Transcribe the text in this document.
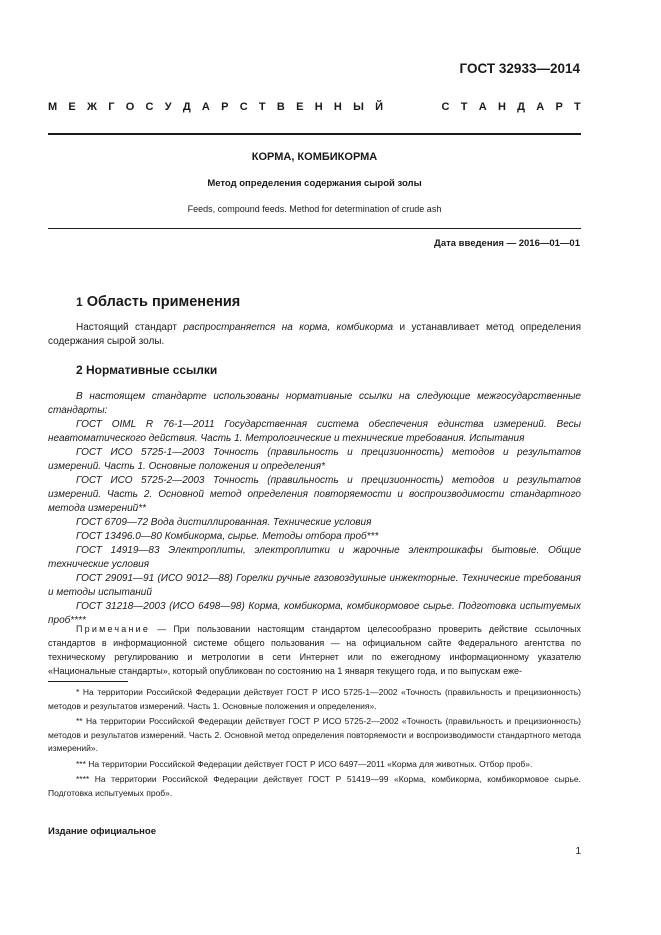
ГОСТ 32933—2014
М Е Ж Г О С У Д А Р С Т В Е Н Н Ы Й	С Т А Н Д А Р Т
КОРМА, КОМБИКОРМА
Метод определения содержания сырой золы
Feeds, compound feeds. Method for determination of crude ash
Дата введения — 2016—01—01
1 Область применения
Настоящий стандарт распространяется на корма, комбикорма и устанавливает метод определения содержания сырой золы.
2 Нормативные ссылки

В настоящем стандарте использованы нормативные ссылки на следующие межгосударственные стандарты:

ГОСТ OIML R 76-1—2011 Государственная система обеспечения единства измерений. Весы неавтоматического действия. Часть 1. Метрологические и технические требования. Испытания

ГОСТ ИСО 5725-1—2003 Точность (правильность и прецизионность) методов и результатов измерений. Часть 1. Основные положения и определения*

ГОСТ ИСО 5725-2—2003 Точность (правильность и прецизионность) методов и результатов измерений. Часть 2. Основной метод определения повторяемости и воспроизводимости стандартного метода измерений**

ГОСТ 6709—72 Вода дистиллированная. Технические условия

ГОСТ 13496.0—80 Комбикорма, сырье. Методы отбора проб***

ГОСТ 14919—83 Электроплиты, электроплитки и жарочные электрошкафы бытовые. Общие технические условия

ГОСТ 29091—91 (ИСО 9012—88) Горелки ручные газовоздушные инжекторные. Технические требования и методы испытаний

ГОСТ 31218—2003 (ИСО 6498—98) Корма, комбикорма, комбикормовое сырье. Подготовка испытуемых проб****

Примечание — При пользовании настоящим стандартом целесообразно проверить действие ссылочных стандартов в информационной системе общего пользования — на официальном сайте Федерального агентства по техническому регулированию и метрологии в сети Интернет или по ежегодному информационному указателю «Национальные стандарты», который опубликован по состоянию на 1 января текущего года, и по выпускам еже-

* На территории Российской Федерации действует ГОСТ Р ИСО 5725-1—2002 «Точность (правильность и прецизионность) методов и результатов измерений. Часть 1. Основные положения и определения».

** На территории Российской Федерации действует ГОСТ Р ИСО 5725-2—2002 «Точность (правильность и прецизионность) методов и результатов измерений. Часть 2. Основной метод определения повторяемости и воспроизводимости стандартного метода измерений».

*** На территории Российской Федерации действует ГОСТ Р ИСО 6497—2011 «Корма для животных. Отбор проб».

**** На территории Российской Федерации действует ГОСТ Р 51419—99 «Корма, комбикорма, комбикормовое сырье. Подготовка испытуемых проб».

Издание официальное
1
